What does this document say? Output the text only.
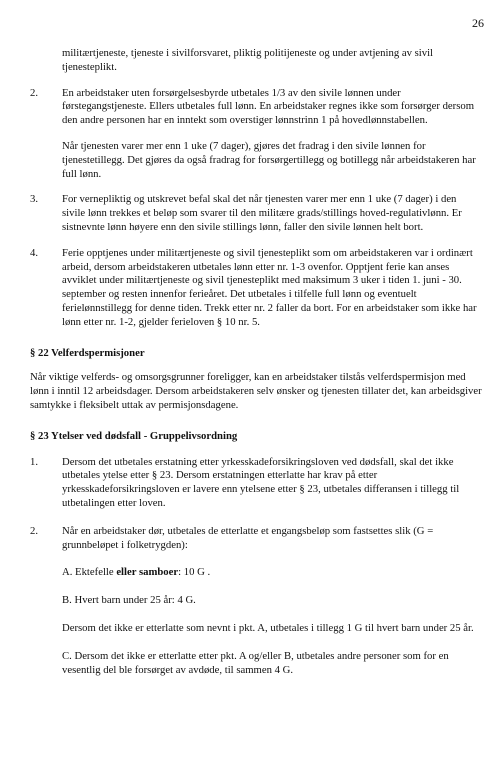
26
militærtjeneste, tjeneste i sivilforsvaret, pliktig politijeneste og under avtjening av sivil tjenesteplikt.
2.	En arbeidstaker uten forsørgelsesbyrde utbetales 1/3 av den sivile lønnen under førstegangstjeneste. Ellers utbetales full lønn. En arbeidstaker regnes ikke som forsørger dersom den andre personen har en inntekt som overstiger lønnstrinn 1 på hovedlønnstabellen.

Når tjenesten varer mer enn 1 uke (7 dager), gjøres det fradrag i den sivile lønnen for tjenestetillegg. Det gjøres da også fradrag for forsørgertillegg og botillegg når arbeidstakeren har full lønn.

3.	For vernepliktig og utskrevet befal skal det når tjenesten varer mer enn 1 uke (7 dager) i den sivile lønn trekkes et beløp som svarer til den militære grads/stillings hoved-regulativlønn. Er sistnevnte lønn høyere enn den sivile stillings lønn, faller den sivile lønnen helt bort.

4.	Ferie opptjenes under militærtjeneste og sivil tjenesteplikt som om arbeidstakeren var i ordinært arbeid, dersom arbeidstakeren utbetales lønn etter nr. 1-3 ovenfor. Opptjent ferie kan anses avviklet under militærtjeneste og sivil tjenesteplikt med maksimum 3 uker i tiden 1. juni - 30. september og resten innenfor ferieåret. Det utbetales i tilfelle full lønn og eventuelt ferielønnstillegg for denne tiden. Trekk etter nr. 2 faller da bort. For en arbeidstaker som ikke har lønn etter nr. 1-2, gjelder ferieloven § 10 nr. 5.

§ 22 Velferdspermisjoner
Når viktige velferds- og omsorgsgrunner foreligger, kan en arbeidstaker tilstås velferdspermisjon med lønn i inntil 12 arbeidsdager. Dersom arbeidstakeren selv ønsker og tjenesten tillater det, kan arbeidsgiver samtykke i fleksibelt uttak av permisjonsdagene.
§ 23 Ytelser ved dødsfall - Gruppelivsordning
1.	Dersom det utbetales erstatning etter yrkesskadeforsikringsloven ved dødsfall, skal det ikke utbetales ytelse etter § 23. Dersom erstatningen etterlatte har krav på etter yrkesskadeforsikringsloven er lavere enn ytelsene etter § 23, utbetales differansen i tillegg til utbetalingen etter loven.

2.	Når en arbeidstaker dør, utbetales de etterlatte et engangsbeløp som fastsettes slik (G = grunnbeløpet i folketrygden):

A. Ektefelle eller samboer: 10 G .
B. Hvert barn under 25 år: 4 G.
Dersom det ikke er etterlatte som nevnt i pkt. A, utbetales i tillegg 1 G til hvert barn under 25 år.
C. Dersom det ikke er etterlatte etter pkt. A og/eller B, utbetales andre personer som for en vesentlig del ble forsørget av avdøde, til sammen 4 G.
